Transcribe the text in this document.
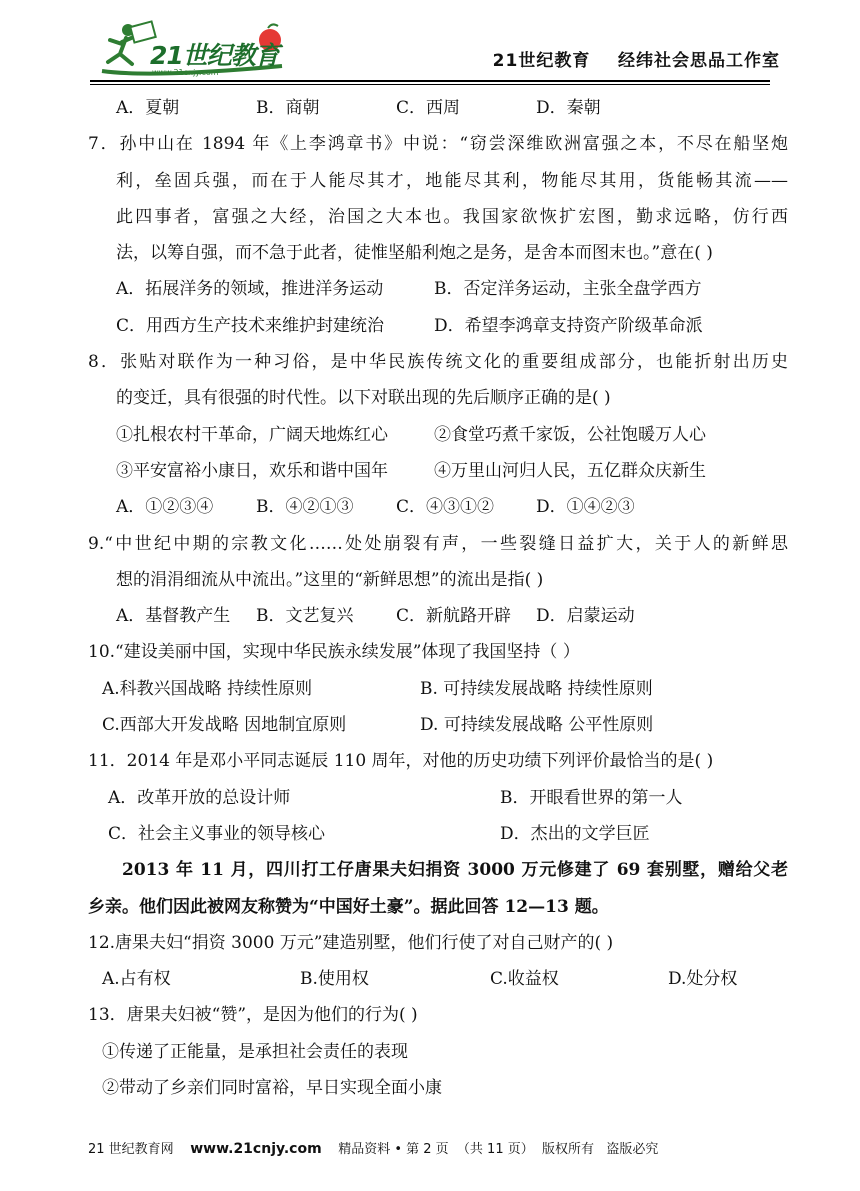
21世纪教育
www.21cnjy.com
21世纪教育    经纬社会思品工作室
A．夏朝	B．商朝	C．西周	D．秦朝
7．孙中山在 1894 年《上李鸿章书》中说：“窃尝深维欧洲富强之本，不尽在船坚炮
利，垒固兵强，而在于人能尽其才，地能尽其利，物能尽其用，货能畅其流——
此四事者，富强之大经，治国之大本也。我国家欲恢扩宏图，勤求远略，仿行西
法，以筹自强，而不急于此者，徒惟坚船利炮之是务，是舍本而图末也。”意在( )
A．拓展洋务的领域，推进洋务运动	B．否定洋务运动，主张全盘学西方
C．用西方生产技术来维护封建统治	D．希望李鸿章支持资产阶级革命派
8．张贴对联作为一种习俗，是中华民族传统文化的重要组成部分，也能折射出历史
的变迁，具有很强的时代性。以下对联出现的先后顺序正确的是( )
①扎根农村干革命，广阔天地炼红心	②食堂巧煮千家饭，公社饱暖万人心
③平安富裕小康日，欢乐和谐中国年	④万里山河归人民，五亿群众庆新生
A．①②③④	B．④②①③	C．④③①② D．①④②③
9.“中世纪中期的宗教文化……处处崩裂有声，一些裂缝日益扩大，关于人的新鲜思
想的涓涓细流从中流出。”这里的“新鲜思想”的流出是指( )
A．基督教产生 B．文艺复兴	C．新航路开辟 D．启蒙运动
10.“建设美丽中国，实现中华民族永续发展”体现了我国坚持（ ）
A.科教兴国战略 持续性原则	B. 可持续发展战略 持续性原则
C.西部大开发战略 因地制宜原则	D. 可持续发展战略 公平性原则
11．2014 年是邓小平同志诞辰 110 周年，对他的历史功绩下列评价最恰当的是( )
A．改革开放的总设计师	B．开眼看世界的第一人
C．社会主义事业的领导核心	D．杰出的文学巨匠
2013 年 11 月，四川打工仔唐果夫妇捐资 3000 万元修建了 69 套别墅，赠给父老
乡亲。他们因此被网友称赞为“中国好土豪”。据此回答 12—13 题。
12.唐果夫妇“捐资 3000 万元”建造别墅，他们行使了对自己财产的( )
A.占有权	B.使用权	C.收益权	D.处分权
13．唐果夫妇被“赞”，是因为他们的行为( )
①传递了正能量，是承担社会责任的表现
②带动了乡亲们同时富裕，早日实现全面小康
21 世纪教育网 www.21cnjy.com 精品资料 • 第 2 页  （共 11 页）  版权所有   盗版必究
